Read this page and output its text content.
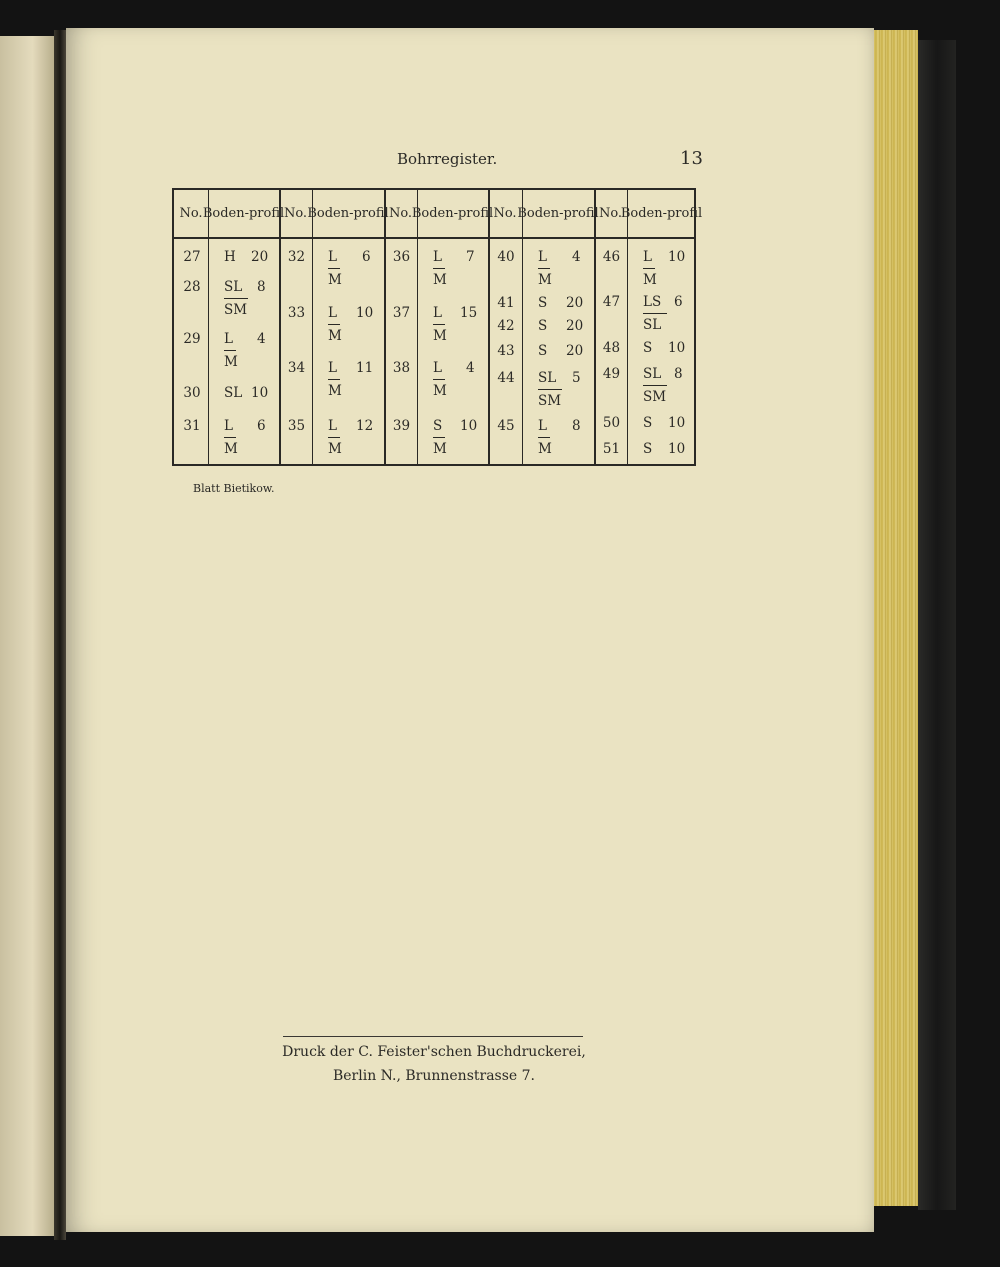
Bohrregister.	13
No. Boden- profil
27 H 20
28 SL 8
SM
29 L 4
M
30 SL 10
31 L 6
M
No. Boden- profil
32 L 6
M
33 L 10
M
34 L 11
M
35 L 12
M
No. Boden- profil
36 L 7
M
37 L 15
M
38 L 4
M
39 S 10
M
No. Boden- profil
40 L 4
M
41 S 20
42 S 20
43 S 20
44 SL 5
SM
45 L 8
M
No.
Boden- profil
46 L 10
M
47 LS 6
SL
48 S 10
49 SL 8
SM
50 S 10
51 S 10
Blatt Bietikow.
Druck der C. Feister'schen Buchdruckerei,
Berlin N., Brunnenstrasse 7.
